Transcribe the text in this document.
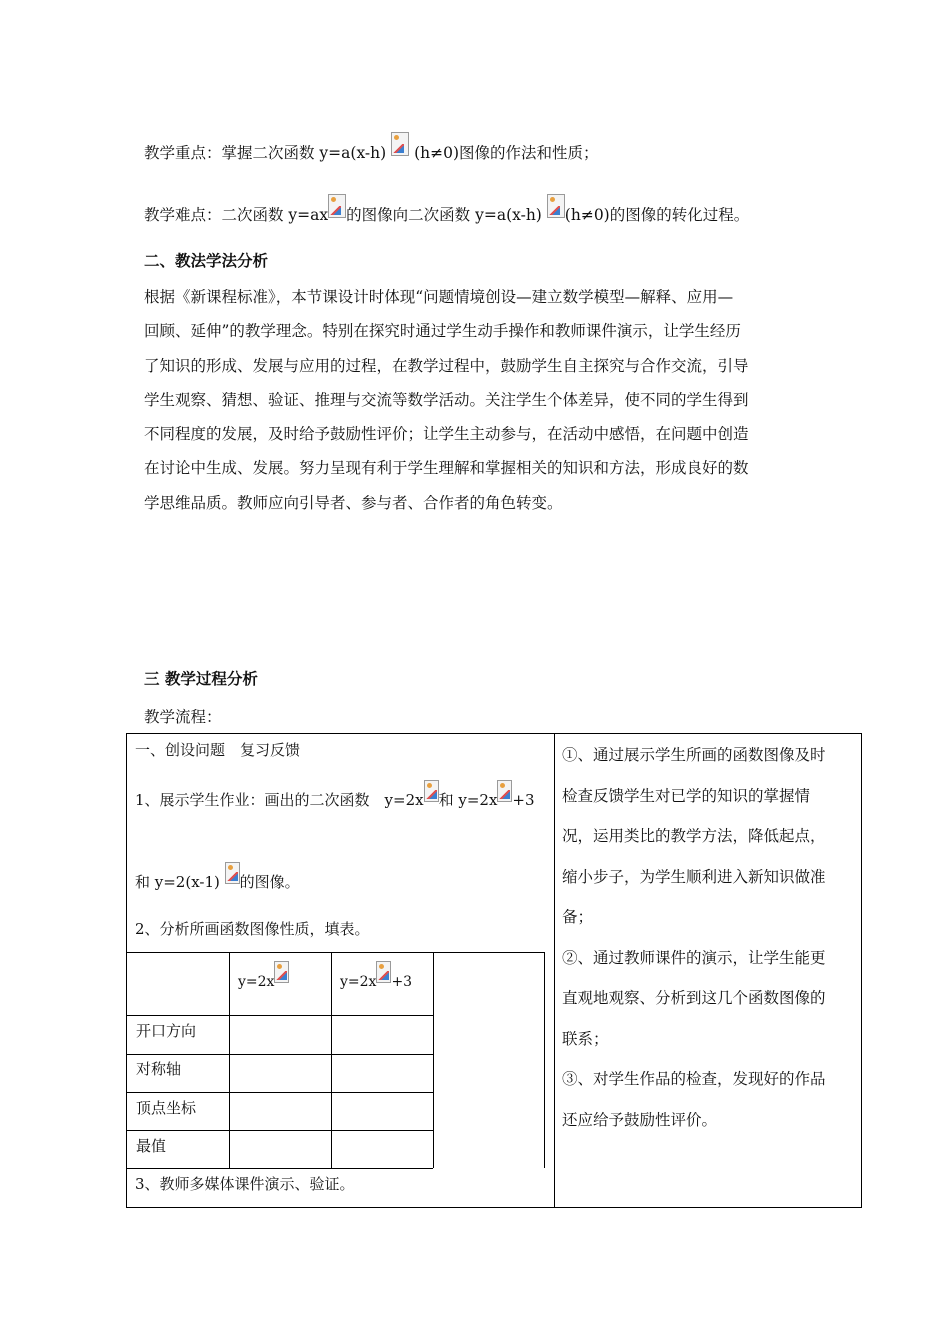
教学重点：掌握二次函数 y=a(x-h) (h≠0)图像的作法和性质；
教学难点：二次函数 y=ax 的图像向二次函数 y=a(x-h) (h≠0)的图像的转化过程。
二、教法学法分析
根据《新课程标准》，本节课设计时体现“问题情境创设—建立数学模型—解释、应用—
回顾、延伸”的教学理念。特别在探究时通过学生动手操作和教师课件演示，让学生经历
了知识的形成、发展与应用的过程，在教学过程中，鼓励学生自主探究与合作交流，引导
学生观察、猜想、验证、推理与交流等数学活动。关注学生个体差异，使不同的学生得到
不同程度的发展，及时给予鼓励性评价；让学生主动参与，在活动中感悟，在问题中创造
在讨论中生成、发展。努力呈现有利于学生理解和掌握相关的知识和方法，形成良好的数
学思维品质。教师应向引导者、参与者、合作者的角色转变。
三 教学过程分析
教学流程：
一、创设问题　复习反馈
1、展示学生作业：画出的二次函数　y=2x 和 y=2x +3
和 y=2(x-1) 的图像。
2、分析所画函数图像性质，填表。
y=2x	y=2x +3
开口方向
对称轴
顶点坐标
最值
3、教师多媒体课件演示、验证。
①、通过展示学生所画的函数图像及时
检查反馈学生对已学的知识的掌握情
况，运用类比的教学方法，降低起点，
缩小步子，为学生顺利进入新知识做准
备；
②、通过教师课件的演示，让学生能更
直观地观察、分析到这几个函数图像的
联系；
③、对学生作品的检查，发现好的作品
还应给予鼓励性评价。
